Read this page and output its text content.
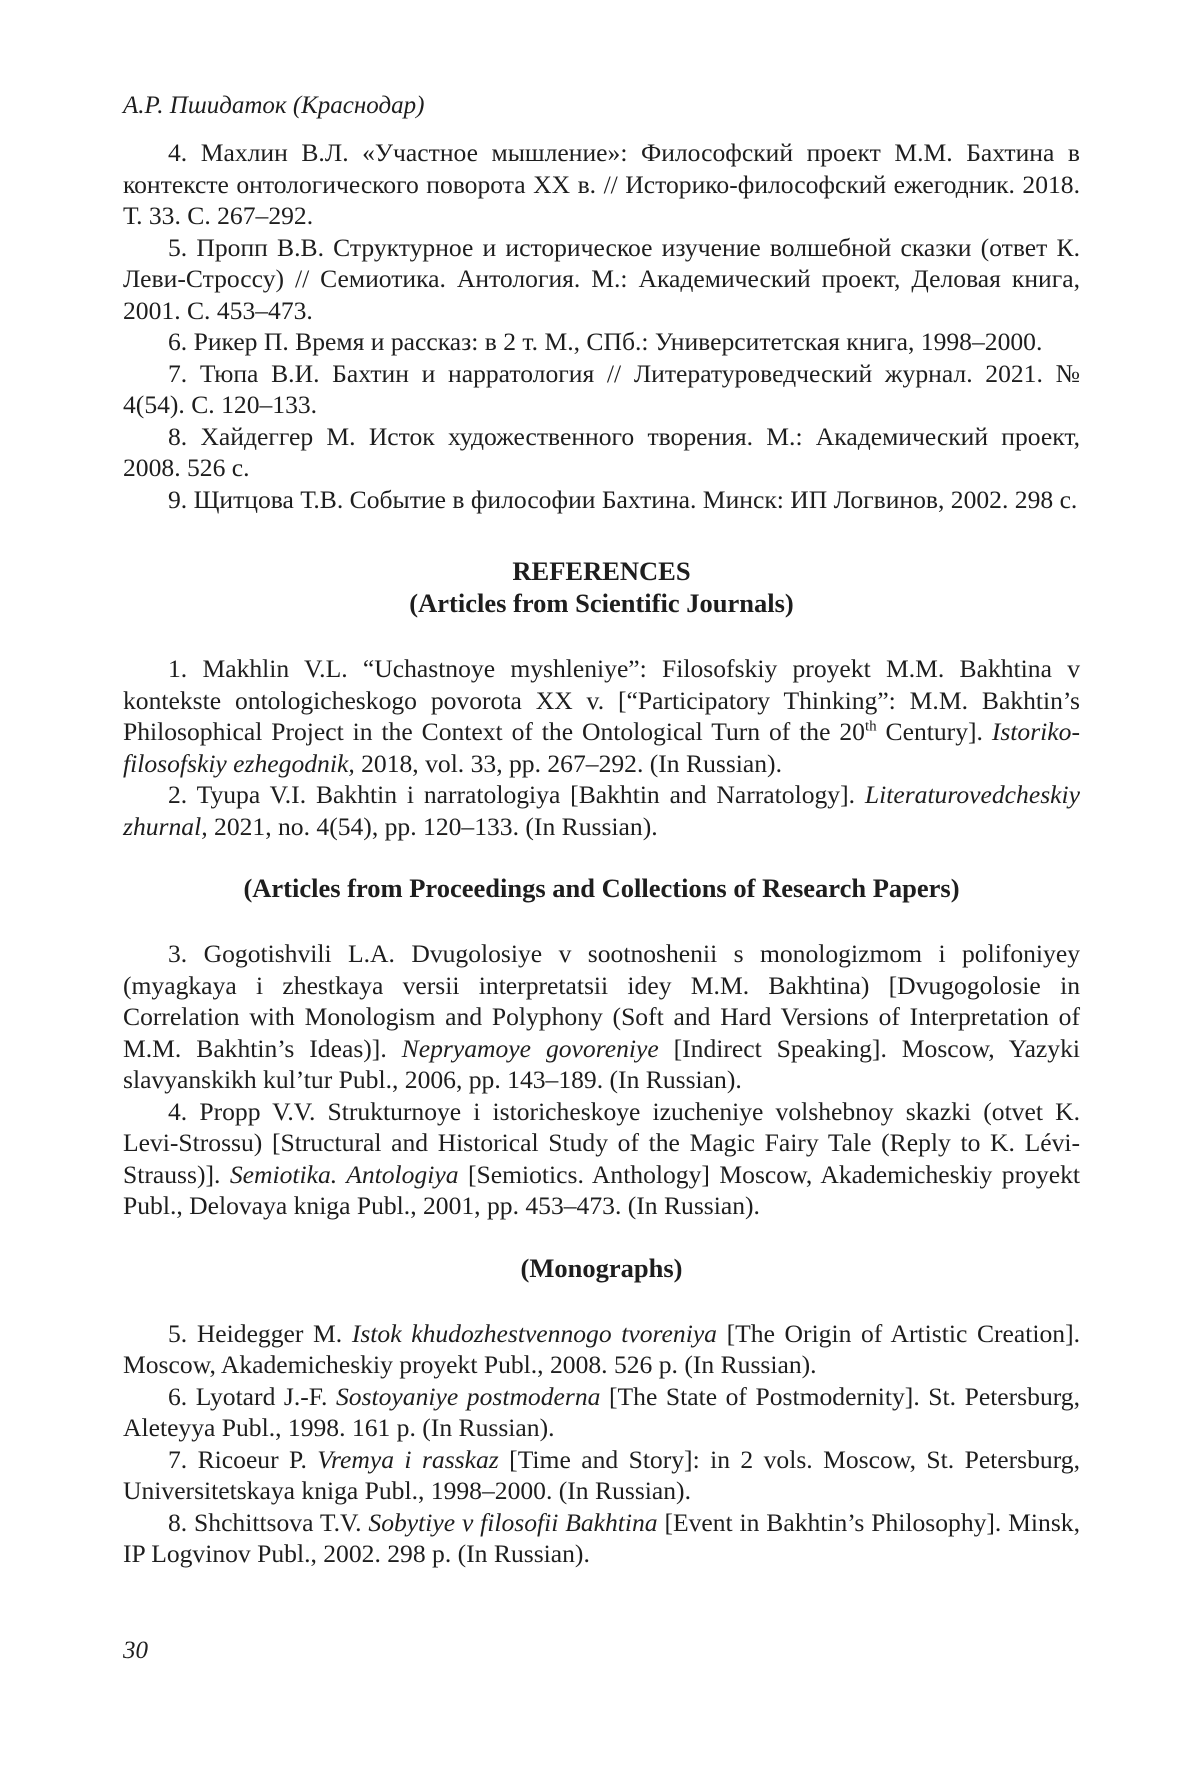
А.Р. Пшидаток (Краснодар)

4. Махлин В.Л. «Участное мышление»: Философский проект М.М. Бахтина в контексте онтологического поворота XX в. // Историко-философский ежегодник. 2018. Т. 33. С. 267–292.

5. Пропп В.В. Структурное и историческое изучение волшебной сказки (ответ К. Леви-Строссу) // Семиотика. Антология. М.: Академический проект, Деловая книга, 2001. С. 453–473.

6. Рикер П. Время и рассказ: в 2 т. М., СПб.: Университетская книга, 1998–2000.

7. Тюпа В.И. Бахтин и нарратология // Литературоведческий журнал. 2021. № 4(54). С. 120–133.

8. Хайдеггер М. Исток художественного творения. М.: Академический проект, 2008. 526 с.

9. Щитцова Т.В. Событие в философии Бахтина. Минск: ИП Логвинов, 2002. 298 с.

REFERENCES

(Articles from Scientific Journals)

1. Makhlin V.L. “Uchastnoye myshleniye”: Filosofskiy proyekt M.M. Bakhtina v kontekste ontologicheskogo povorota XX v. [“Participatory Thinking”: M.M. Bakhtin’s Philosophical Project in the Context of the Ontological Turn of the 20th Century]. Istoriko-filosofskiy ezhegodnik, 2018, vol. 33, pp. 267–292. (In Russian).

2. Tyupa V.I. Bakhtin i narratologiya [Bakhtin and Narratology]. Literaturovedcheskiy zhurnal, 2021, no. 4(54), pp. 120–133. (In Russian).

(Articles from Proceedings and Collections of Research Papers)

3. Gogotishvili L.A. Dvugolosiye v sootnoshenii s monologizmom i polifoniyey (myagkaya i zhestkaya versii interpretatsii idey M.M. Bakhtina) [Dvugogolosie in Correlation with Monologism and Polyphony (Soft and Hard Versions of Interpretation of M.M. Bakhtin’s Ideas)]. Nepryamoye govoreniye [Indirect Speaking]. Moscow, Yazyki slavyanskikh kul’tur Publ., 2006, pp. 143–189. (In Russian).

4. Propp V.V. Strukturnoye i istoricheskoye izucheniye volshebnoy skazki (otvet K. Levi-Strossu) [Structural and Historical Study of the Magic Fairy Tale (Reply to K. Lévi-Strauss)]. Semiotika. Antologiya [Semiotics. Anthology] Moscow, Akademicheskiy proyekt Publ., Delovaya kniga Publ., 2001, pp. 453–473. (In Russian).

(Monographs)

5. Heidegger M. Istok khudozhestvennogo tvoreniya [The Origin of Artistic Creation]. Moscow, Akademicheskiy proyekt Publ., 2008. 526 p. (In Russian).

6. Lyotard J.-F. Sostoyaniye postmoderna [The State of Postmodernity]. St. Petersburg, Aleteyya Publ., 1998. 161 p. (In Russian).

7. Ricoeur P. Vremya i rasskaz [Time and Story]: in 2 vols. Moscow, St. Petersburg, Universitetskaya kniga Publ., 1998–2000. (In Russian).

8. Shchittsova T.V. Sobytiye v filosofii Bakhtina [Event in Bakhtin’s Philosophy]. Minsk, IP Logvinov Publ., 2002. 298 p. (In Russian).

30
